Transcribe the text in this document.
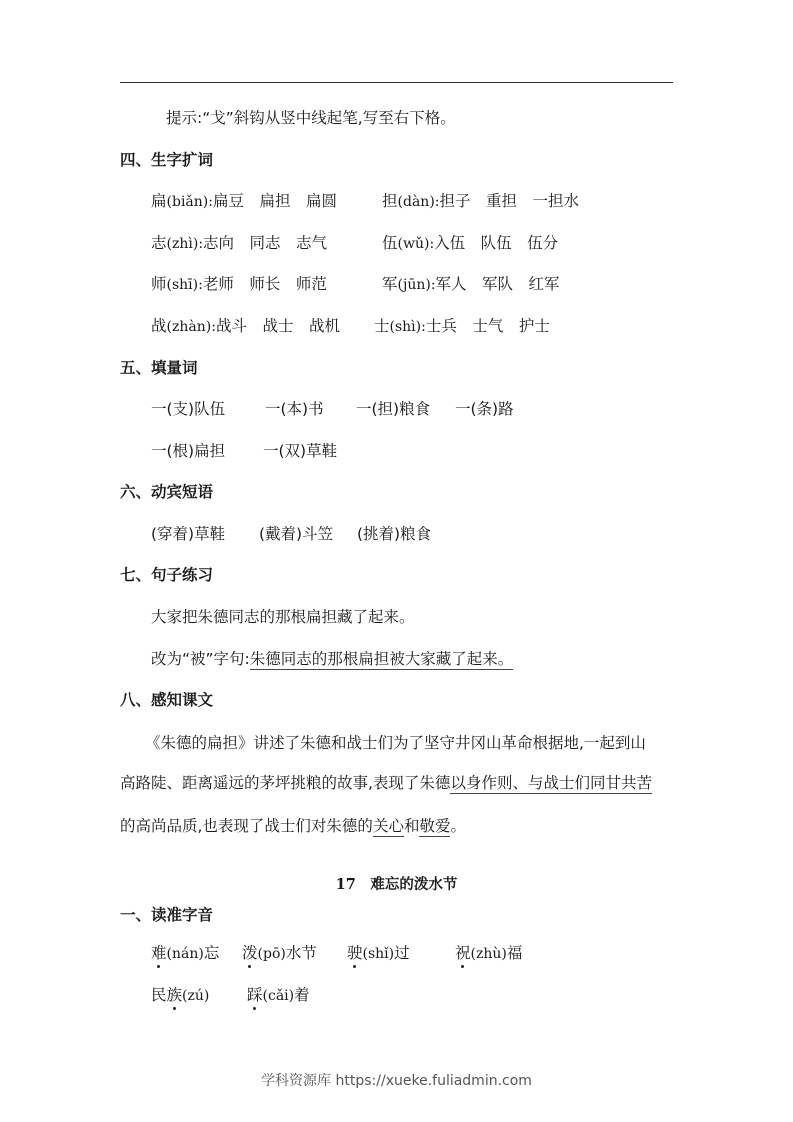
提示:“戈”斜钩从竖中线起笔,写至右下格。
四、生字扩词
扁(biǎn):扁豆　扁担　扁圆	担(dàn):担子　重担　一担水
志(zhì):志向　同志　志气	伍(wǔ):入伍　队伍　伍分
师(shī):老师　师长　师范	军(jūn):军人　军队　红军
战(zhàn):战斗　战士　战机 士(shì):士兵　士气　护士
五、填量词
一(支)队伍	一(本)书 一(担)粮食 一(条)路
一(根)扁担 一(双)草鞋
六、动宾短语
(穿着)草鞋 (戴着)斗笠 (挑着)粮食
七、句子练习
大家把朱德同志的那根扁担藏了起来。
改为“被”字句:朱德同志的那根扁担被大家藏了起来。
八、感知课文
《朱德的扁担》讲述了朱德和战士们为了坚守井冈山革命根据地,一起到山
高路陡、距离遥远的茅坪挑粮的故事,表现了朱德以身作则、与战士们同甘共苦
的高尚品质,也表现了战士们对朱德的关心和敬爱。
17　难忘的泼水节
一、读准字音
难(nán)忘 泼(pō)水节 驶(shǐ)过	祝(zhù)福
民族(zú) 踩(cǎi)着
学科资源库 https://xueke.fuliadmin.com
